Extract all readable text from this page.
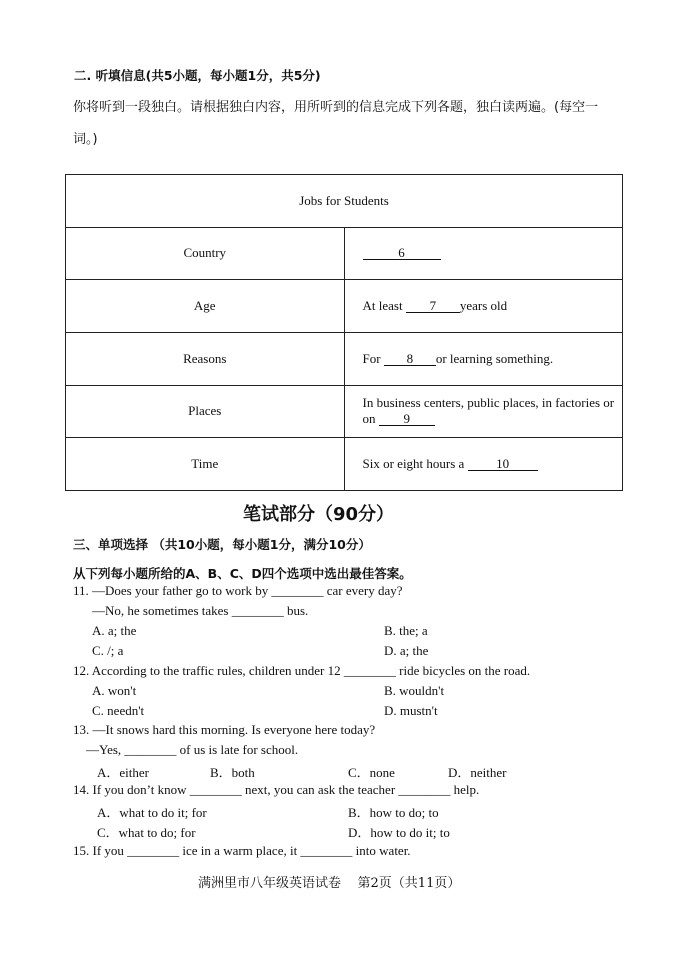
二. 听填信息(共5小题，每小题1分，共5分)
你将听到一段独白。请根据独白内容，用所听到的信息完成下列各题，独白读两遍。(每空一
词。)
Jobs for Students	
Country	6
Age	At least 7 years old
Reasons	For 8 or learning something.
Places	In business centers, public places, in factories or on 9
Time	Six or eight hours a 10
笔试部分（90分）
三、单项选择 （共10小题，每小题1分，满分10分）
从下列每小题所给的A、B、C、D四个选项中选出最佳答案。
11. —Does your father go to work by ________ car every day?
—No, he sometimes takes ________ bus.
A. a; the	B. the; a
C. /; a	D. a; the
12. According to the traffic rules, children under 12 ________ ride bicycles on the road.
A. won't	B. wouldn't
C. needn't	D. mustn't
13. —It snows hard this morning. Is everyone here today?
—Yes, ________ of us is late for school.
A．either	B．both	C．none	D．neither
14. If you don’t know ________ next, you can ask the teacher ________ help.
A．what to do it; for	B．how to do; to
C．what to do; for	D．how to do it; to
15. If you ________ ice in a warm place, it ________ into water.
满洲里市八年级英语试卷    第2页（共11页）
